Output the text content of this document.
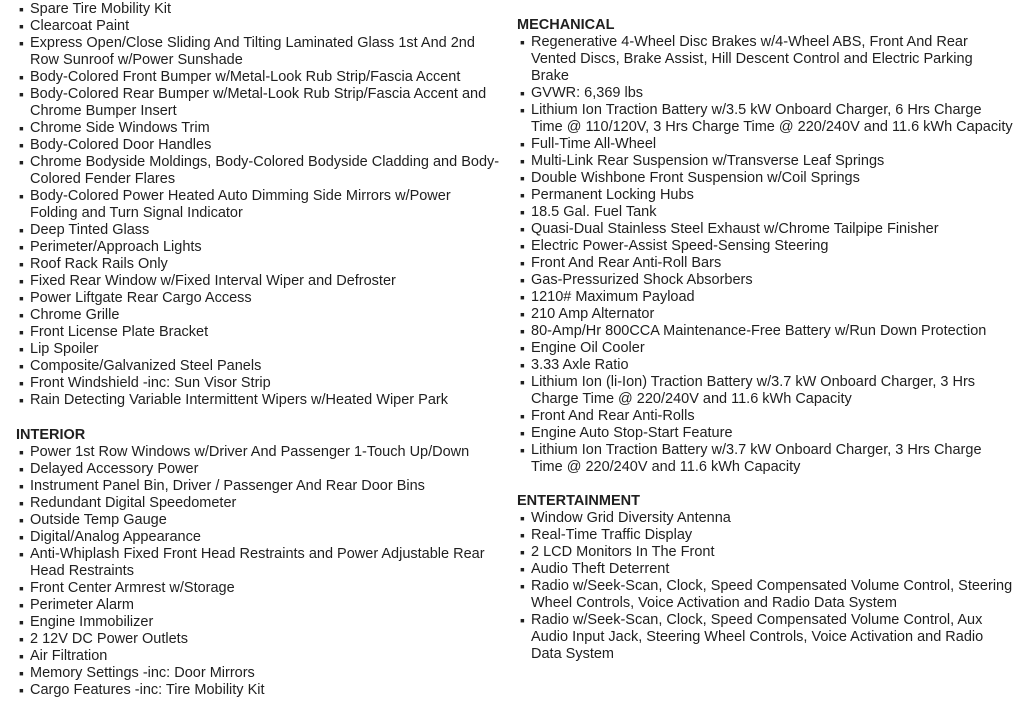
▪ Spare Tire Mobility Kit
▪ Clearcoat Paint
▪ Express Open/Close Sliding And Tilting Laminated Glass 1st And 2nd Row Sunroof w/Power Sunshade
▪ Body-Colored Front Bumper w/Metal-Look Rub Strip/Fascia Accent
▪ Body-Colored Rear Bumper w/Metal-Look Rub Strip/Fascia Accent and Chrome Bumper Insert
▪ Chrome Side Windows Trim
▪ Body-Colored Door Handles
▪ Chrome Bodyside Moldings, Body-Colored Bodyside Cladding and Body-Colored Fender Flares
▪ Body-Colored Power Heated Auto Dimming Side Mirrors w/Power Folding and Turn Signal Indicator
▪ Deep Tinted Glass
▪ Perimeter/Approach Lights
▪ Roof Rack Rails Only
▪ Fixed Rear Window w/Fixed Interval Wiper and Defroster
▪ Power Liftgate Rear Cargo Access
▪ Chrome Grille
▪ Front License Plate Bracket
▪ Lip Spoiler
▪ Composite/Galvanized Steel Panels
▪ Front Windshield -inc: Sun Visor Strip
▪ Rain Detecting Variable Intermittent Wipers w/Heated Wiper Park
INTERIOR
▪ Power 1st Row Windows w/Driver And Passenger 1-Touch Up/Down
▪ Delayed Accessory Power
▪ Instrument Panel Bin, Driver / Passenger And Rear Door Bins
▪ Redundant Digital Speedometer
▪ Outside Temp Gauge
▪ Digital/Analog Appearance
▪ Anti-Whiplash Fixed Front Head Restraints and Power Adjustable Rear Head Restraints
▪ Front Center Armrest w/Storage
▪ Perimeter Alarm
▪ Engine Immobilizer
▪ 2 12V DC Power Outlets
▪ Air Filtration
▪ Memory Settings -inc: Door Mirrors
▪ Cargo Features -inc: Tire Mobility Kit
MECHANICAL
▪ Regenerative 4-Wheel Disc Brakes w/4-Wheel ABS, Front And Rear Vented Discs, Brake Assist, Hill Descent Control and Electric Parking Brake
▪ GVWR: 6,369 lbs
▪ Lithium Ion Traction Battery w/3.5 kW Onboard Charger, 6 Hrs Charge Time @ 110/120V, 3 Hrs Charge Time @ 220/240V and 11.6 kWh Capacity
▪ Full-Time All-Wheel
▪ Multi-Link Rear Suspension w/Transverse Leaf Springs
▪ Double Wishbone Front Suspension w/Coil Springs
▪ Permanent Locking Hubs
▪ 18.5 Gal. Fuel Tank
▪ Quasi-Dual Stainless Steel Exhaust w/Chrome Tailpipe Finisher
▪ Electric Power-Assist Speed-Sensing Steering
▪ Front And Rear Anti-Roll Bars
▪ Gas-Pressurized Shock Absorbers
▪ 1210# Maximum Payload
▪ 210 Amp Alternator
▪ 80-Amp/Hr 800CCA Maintenance-Free Battery w/Run Down Protection
▪ Engine Oil Cooler
▪ 3.33 Axle Ratio
▪ Lithium Ion (li-Ion) Traction Battery w/3.7 kW Onboard Charger, 3 Hrs Charge Time @ 220/240V and 11.6 kWh Capacity
▪ Front And Rear Anti-Rolls
▪ Engine Auto Stop-Start Feature
▪ Lithium Ion Traction Battery w/3.7 kW Onboard Charger, 3 Hrs Charge Time @ 220/240V and 11.6 kWh Capacity
ENTERTAINMENT
▪ Window Grid Diversity Antenna
▪ Real-Time Traffic Display
▪ 2 LCD Monitors In The Front
▪ Audio Theft Deterrent
▪ Radio w/Seek-Scan, Clock, Speed Compensated Volume Control, Steering Wheel Controls, Voice Activation and Radio Data System
▪ Radio w/Seek-Scan, Clock, Speed Compensated Volume Control, Aux Audio Input Jack, Steering Wheel Controls, Voice Activation and Radio Data System
